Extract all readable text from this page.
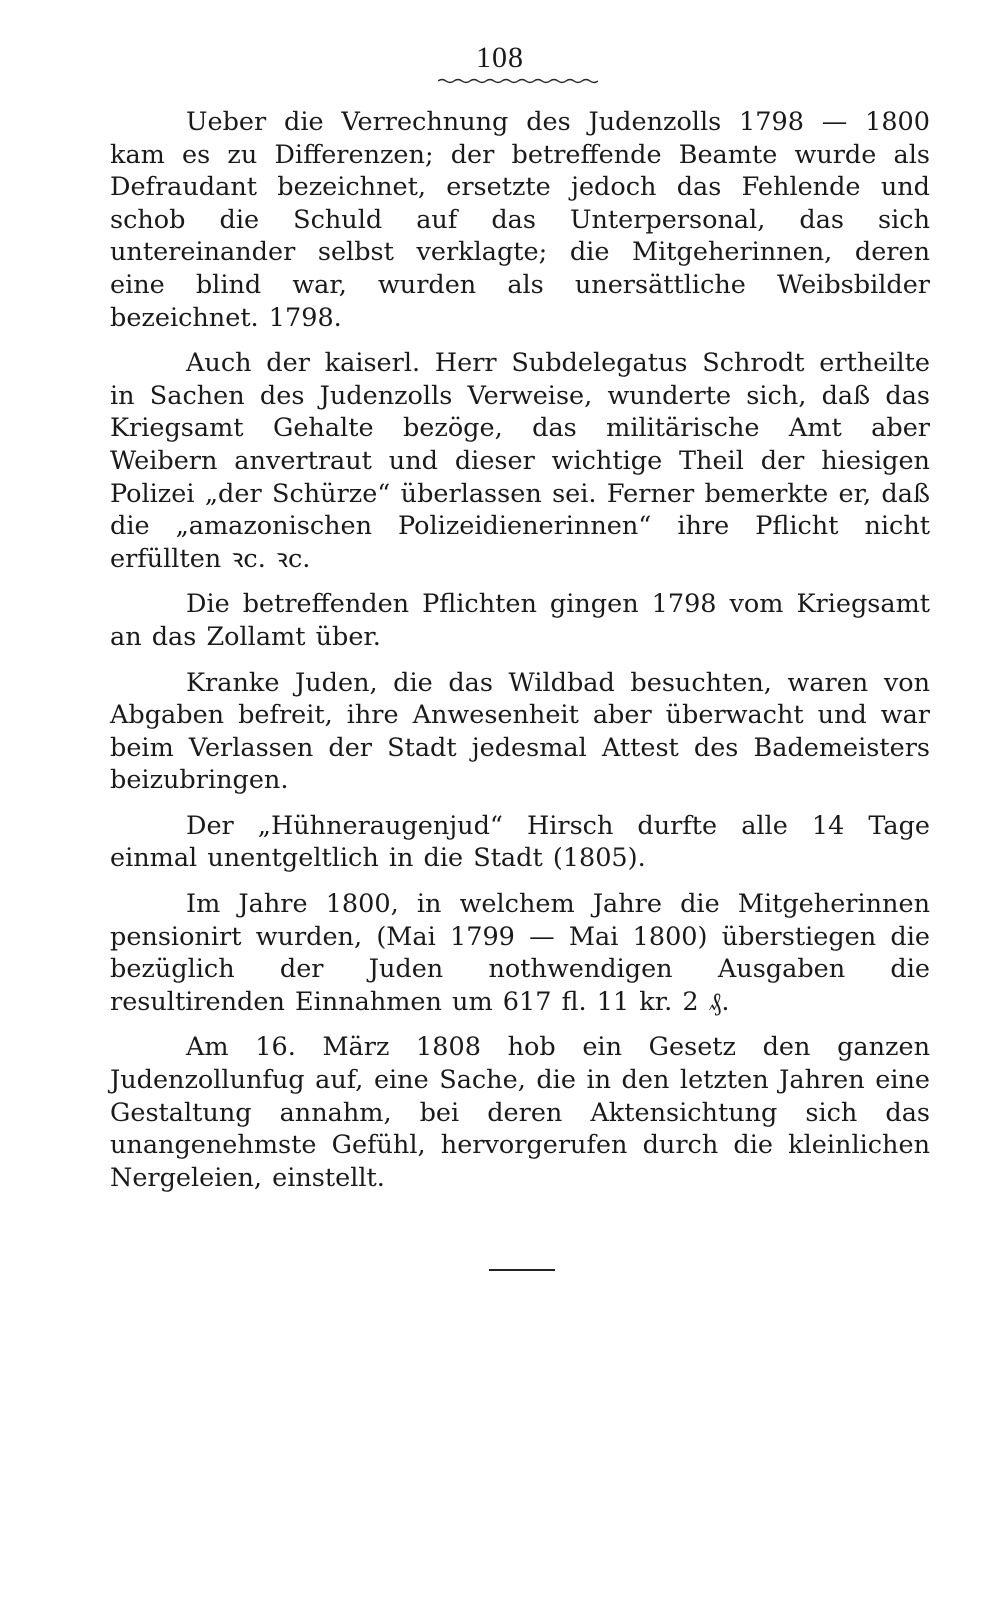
108

Ueber die Verrechnung des Judenzolls 1798 — 1800 kam es zu Differenzen; der betreffende Beamte wurde als Defraudant bezeichnet, ersetzte jedoch das Fehlende und schob die Schuld auf das Unterpersonal, das sich untereinander selbst verklagte; die Mitgeherinnen, deren eine blind war, wurden als unersättliche Weibsbilder bezeichnet. 1798.

Auch der kaiserl. Herr Subdelegatus Schrodt ertheilte in Sachen des Judenzolls Verweise, wunderte sich, daß das Kriegsamt Gehalte bezöge, das militärische Amt aber Weibern anvertraut und dieser wichtige Theil der hiesigen Polizei „der Schürze“ überlassen sei. Ferner bemerkte er, daß die „amazonischen Polizeidienerinnen“ ihre Pflicht nicht erfüllten ꝛc. ꝛc.

Die betreffenden Pflichten gingen 1798 vom Kriegsamt an das Zollamt über.

Kranke Juden, die das Wildbad besuchten, waren von Abgaben befreit, ihre Anwesenheit aber überwacht und war beim Verlassen der Stadt jedesmal Attest des Bademeisters beizubringen.

Der „Hühneraugenjud“ Hirsch durfte alle 14 Tage einmal unentgeltlich in die Stadt (1805).

Im Jahre 1800, in welchem Jahre die Mitgeherinnen pensionirt wurden, (Mai 1799 — Mai 1800) überstiegen die bezüglich der Juden nothwendigen Ausgaben die resultirenden Einnahmen um 617 fl. 11 kr. 2 ₰.

Am 16. März 1808 hob ein Gesetz den ganzen Judenzollunfug auf, eine Sache, die in den letzten Jahren eine Gestaltung annahm, bei deren Aktensichtung sich das unangenehmste Gefühl, hervorgerufen durch die kleinlichen Nergeleien, einstellt.
